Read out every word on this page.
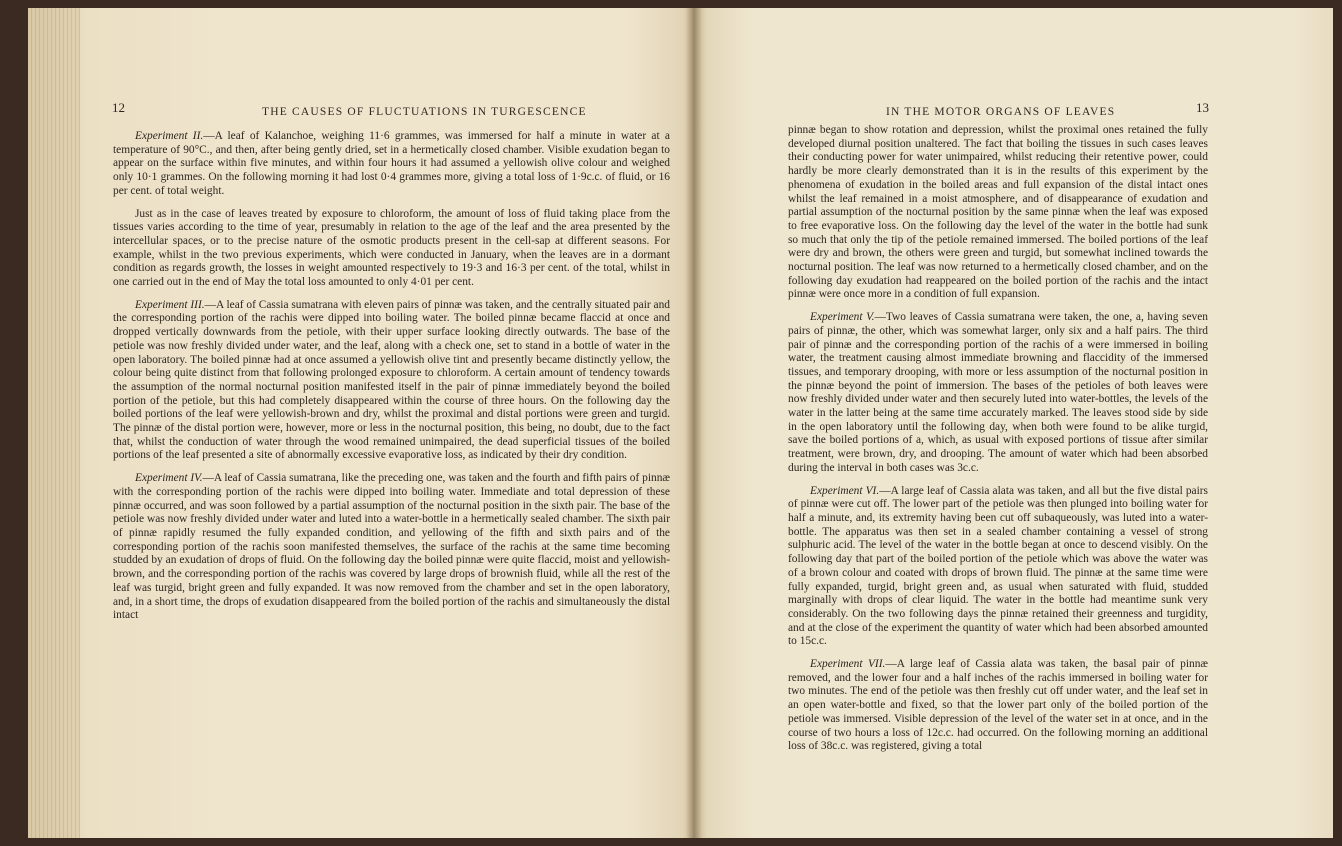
12	THE CAUSES OF FLUCTUATIONS IN TURGESCENCE	13
IN THE MOTOR ORGANS OF LEAVES

Experiment II.—A leaf of Kalanchoe, weighing 11·6 grammes, was immersed for half a minute in water at a temperature of 90°C., and then, after being gently dried, set in a hermetically closed chamber. Visible exudation began to appear on the surface within five minutes, and within four hours it had assumed a yellowish olive colour and weighed only 10·1 grammes. On the following morning it had lost 0·4 grammes more, giving a total loss of 1·9c.c. of fluid, or 16 per cent. of total weight.

Just as in the case of leaves treated by exposure to chloroform, the amount of loss of fluid taking place from the tissues varies according to the time of year, presumably in relation to the age of the leaf and the area presented by the intercellular spaces, or to the precise nature of the osmotic products present in the cell-sap at different seasons. For example, whilst in the two previous experiments, which were conducted in January, when the leaves are in a dormant condition as regards growth, the losses in weight amounted respectively to 19·3 and 16·3 per cent. of the total, whilst in one carried out in the end of May the total loss amounted to only 4·01 per cent.

Experiment III.—A leaf of Cassia sumatrana with eleven pairs of pinnæ was taken, and the centrally situated pair and the corresponding portion of the rachis were dipped into boiling water. The boiled pinnæ became flaccid at once and dropped vertically downwards from the petiole, with their upper surface looking directly outwards. The base of the petiole was now freshly divided under water, and the leaf, along with a check one, set to stand in a bottle of water in the open laboratory. The boiled pinnæ had at once assumed a yellowish olive tint and presently became distinctly yellow, the colour being quite distinct from that following prolonged exposure to chloroform. A certain amount of tendency towards the assumption of the normal nocturnal position manifested itself in the pair of pinnæ immediately beyond the boiled portion of the petiole, but this had completely disappeared within the course of three hours. On the following day the boiled portions of the leaf were yellowish-brown and dry, whilst the proximal and distal portions were green and turgid. The pinnæ of the distal portion were, however, more or less in the nocturnal position, this being, no doubt, due to the fact that, whilst the conduction of water through the wood remained unimpaired, the dead superficial tissues of the boiled portions of the leaf presented a site of abnormally excessive evaporative loss, as indicated by their dry condition.

Experiment IV.—A leaf of Cassia sumatrana, like the preceding one, was taken and the fourth and fifth pairs of pinnæ with the corresponding portion of the rachis were dipped into boiling water. Immediate and total depression of these pinnæ occurred, and was soon followed by a partial assumption of the nocturnal position in the sixth pair. The base of the petiole was now freshly divided under water and luted into a water-bottle in a hermetically sealed chamber. The sixth pair of pinnæ rapidly resumed the fully expanded condition, and yellowing of the fifth and sixth pairs and of the corresponding portion of the rachis soon manifested themselves, the surface of the rachis at the same time becoming studded by an exudation of drops of fluid. On the following day the boiled pinnæ were quite flaccid, moist and yellowish-brown, and the corresponding portion of the rachis was covered by large drops of brownish fluid, while all the rest of the leaf was turgid, bright green and fully expanded. It was now removed from the chamber and set in the open laboratory, and, in a short time, the drops of exudation disappeared from the boiled portion of the rachis and simultaneously the distal intact

pinnæ began to show rotation and depression, whilst the proximal ones retained the fully developed diurnal position unaltered. The fact that boiling the tissues in such cases leaves their conducting power for water unimpaired, whilst reducing their retentive power, could hardly be more clearly demonstrated than it is in the results of this experiment by the phenomena of exudation in the boiled areas and full expansion of the distal intact ones whilst the leaf remained in a moist atmosphere, and of disappearance of exudation and partial assumption of the nocturnal position by the same pinnæ when the leaf was exposed to free evaporative loss. On the following day the level of the water in the bottle had sunk so much that only the tip of the petiole remained immersed. The boiled portions of the leaf were dry and brown, the others were green and turgid, but somewhat inclined towards the nocturnal position. The leaf was now returned to a hermetically closed chamber, and on the following day exudation had reappeared on the boiled portion of the rachis and the intact pinnæ were once more in a condition of full expansion.

Experiment V.—Two leaves of Cassia sumatrana were taken, the one, a, having seven pairs of pinnæ, the other, which was somewhat larger, only six and a half pairs. The third pair of pinnæ and the corresponding portion of the rachis of a were immersed in boiling water, the treatment causing almost immediate browning and flaccidity of the immersed tissues, and temporary drooping, with more or less assumption of the nocturnal position in the pinnæ beyond the point of immersion. The bases of the petioles of both leaves were now freshly divided under water and then securely luted into water-bottles, the levels of the water in the latter being at the same time accurately marked. The leaves stood side by side in the open laboratory until the following day, when both were found to be alike turgid, save the boiled portions of a, which, as usual with exposed portions of tissue after similar treatment, were brown, dry, and drooping. The amount of water which had been absorbed during the interval in both cases was 3c.c.

Experiment VI.—A large leaf of Cassia alata was taken, and all but the five distal pairs of pinnæ were cut off. The lower part of the petiole was then plunged into boiling water for half a minute, and, its extremity having been cut off subaqueously, was luted into a water-bottle. The apparatus was then set in a sealed chamber containing a vessel of strong sulphuric acid. The level of the water in the bottle began at once to descend visibly. On the following day that part of the boiled portion of the petiole which was above the water was of a brown colour and coated with drops of brown fluid. The pinnæ at the same time were fully expanded, turgid, bright green and, as usual when saturated with fluid, studded marginally with drops of clear liquid. The water in the bottle had meantime sunk very considerably. On the two following days the pinnæ retained their greenness and turgidity, and at the close of the experiment the quantity of water which had been absorbed amounted to 15c.c.

Experiment VII.—A large leaf of Cassia alata was taken, the basal pair of pinnæ removed, and the lower four and a half inches of the rachis immersed in boiling water for two minutes. The end of the petiole was then freshly cut off under water, and the leaf set in an open water-bottle and fixed, so that the lower part only of the boiled portion of the petiole was immersed. Visible depression of the level of the water set in at once, and in the course of two hours a loss of 12c.c. had occurred. On the following morning an additional loss of 38c.c. was registered, giving a total
